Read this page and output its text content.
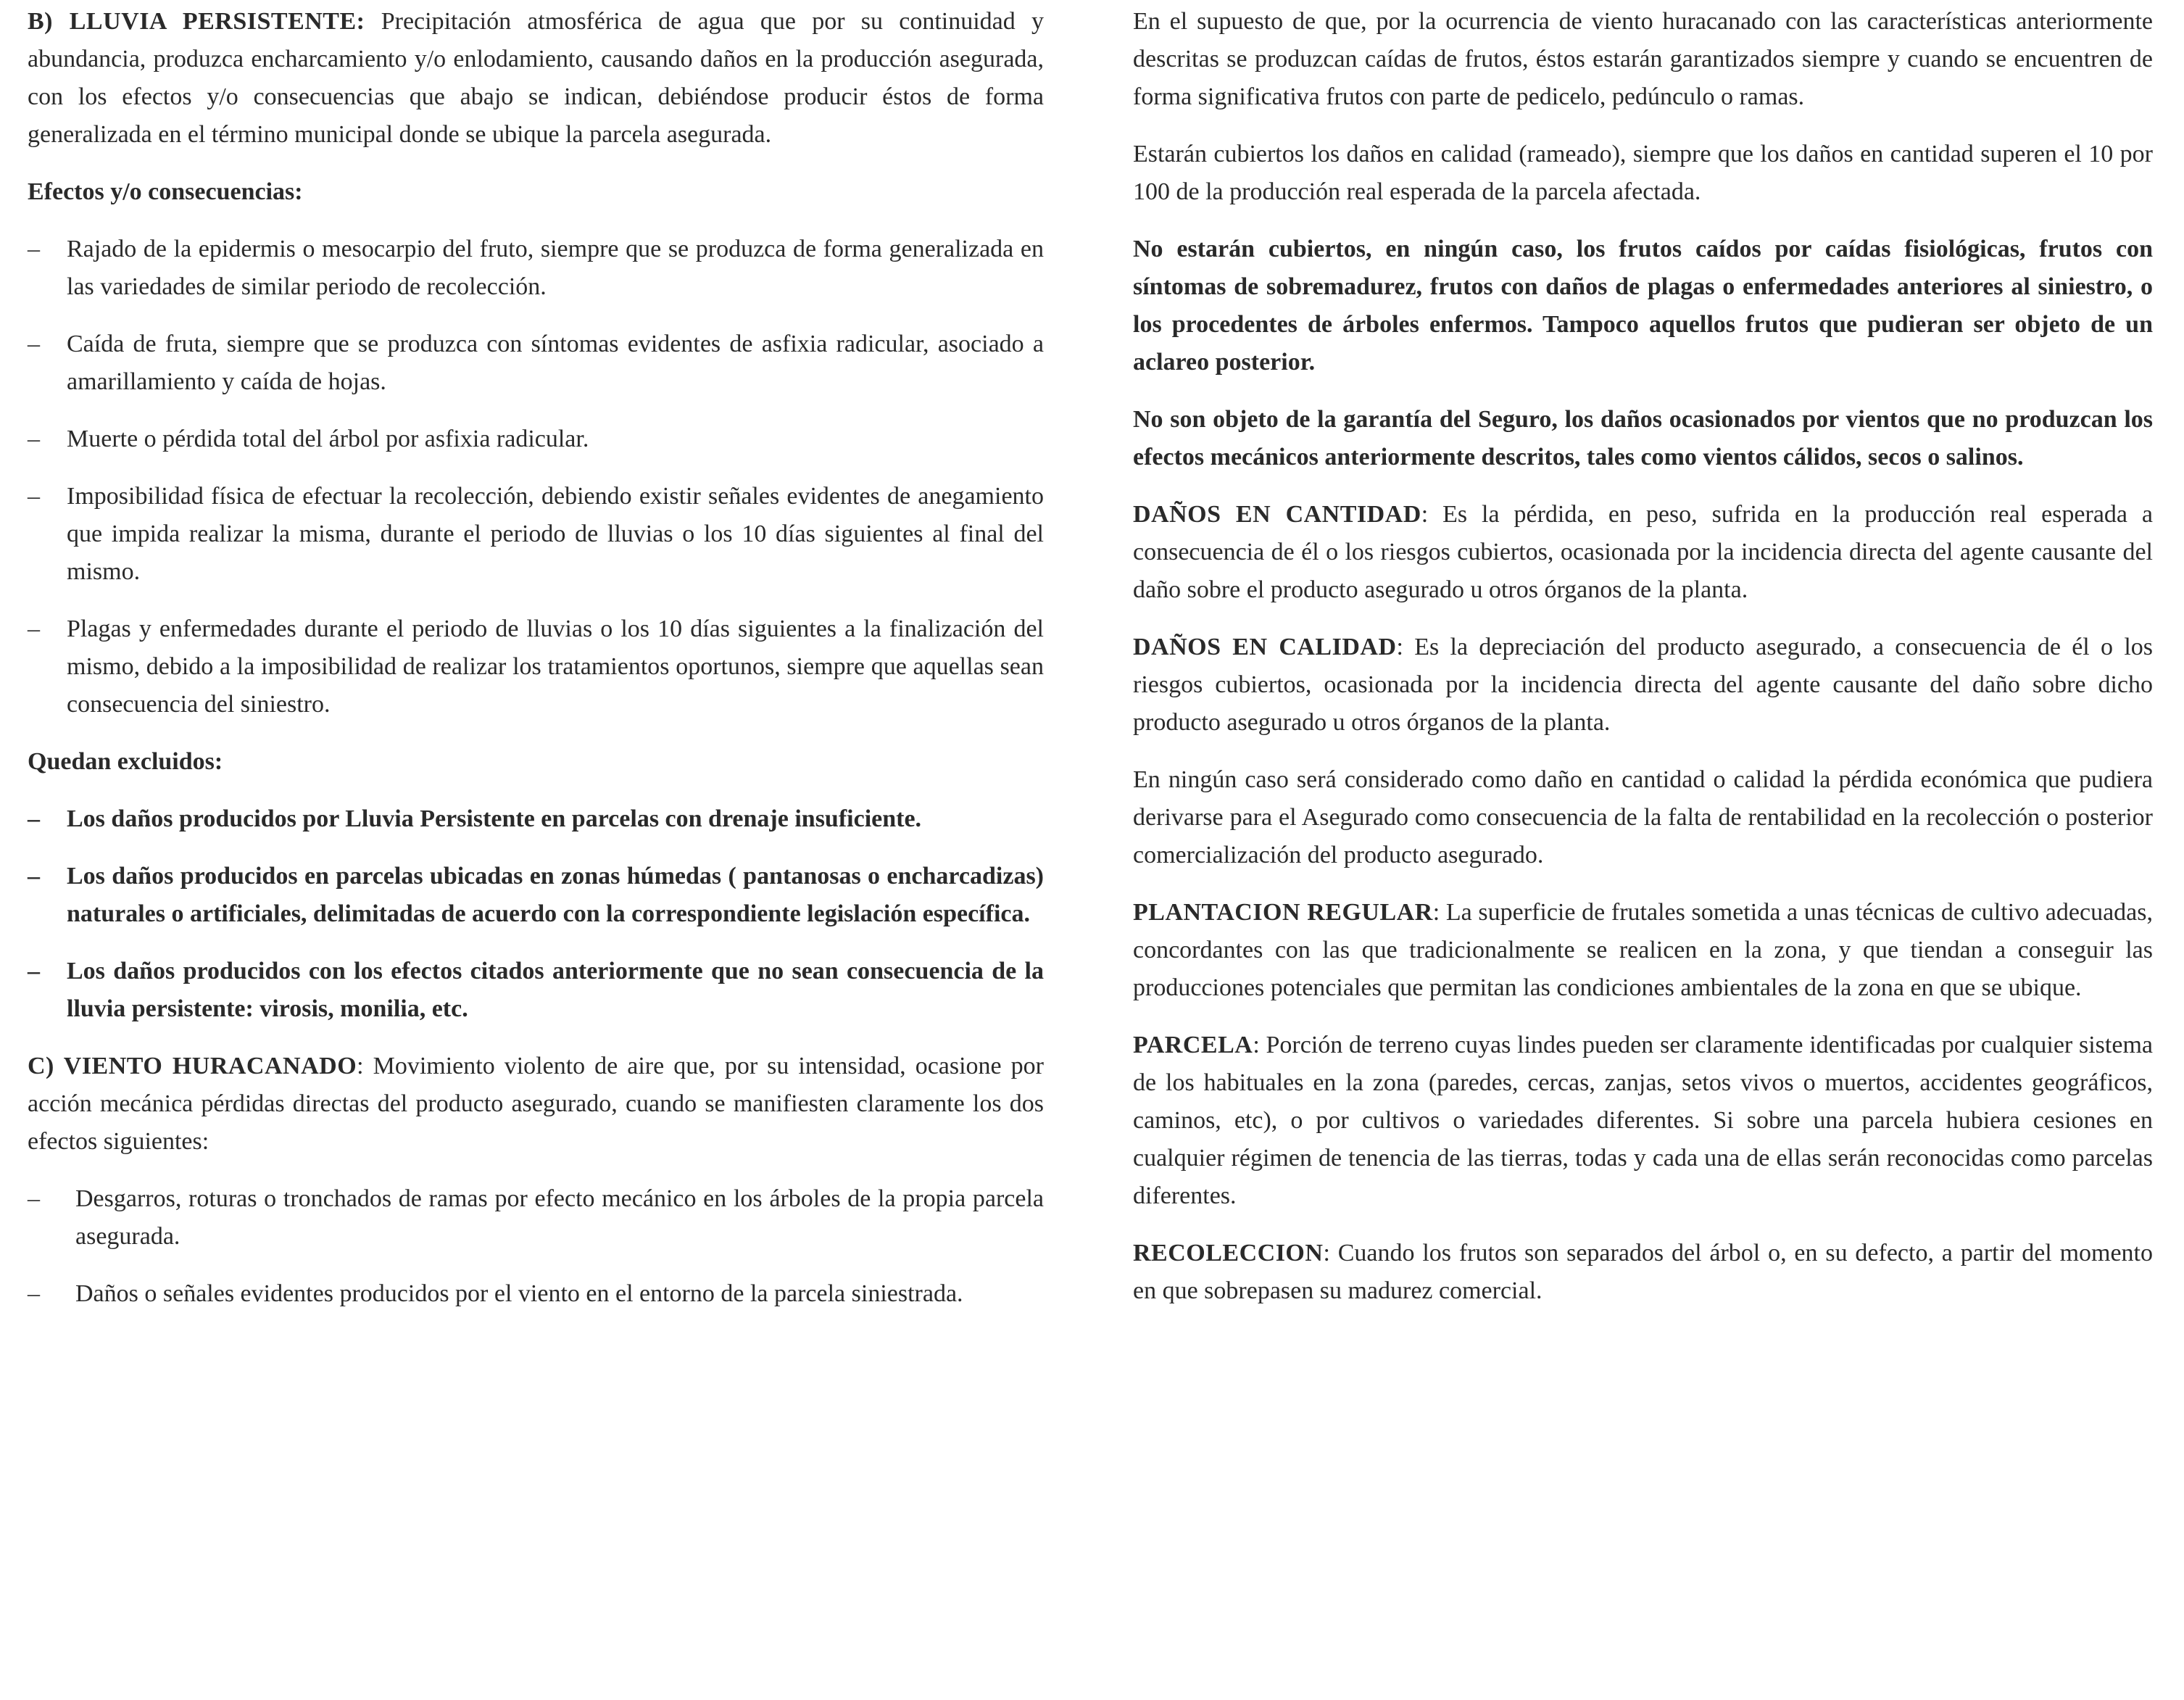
B) LLUVIA PERSISTENTE: Precipitación atmosférica de agua que por su continuidad y abundancia, produzca encharcamiento y/o enlodamiento, causando daños en la producción asegurada, con los efectos y/o consecuencias que abajo se indican, debiéndose producir éstos de forma generalizada en el término municipal donde se ubique la parcela asegurada.

Efectos y/o consecuencias:

– Rajado de la epidermis o mesocarpio del fruto, siempre que se produzca de forma generalizada en las variedades de similar periodo de recolección.

– Caída de fruta, siempre que se produzca con síntomas evidentes de asfixia radicular, asociado a amarillamiento y caída de hojas.

– Muerte o pérdida total del árbol por asfixia radicular.

– Imposibilidad física de efectuar la recolección, debiendo existir señales evidentes de anegamiento que impida realizar la misma, durante el periodo de lluvias o los 10 días siguientes al final del mismo.

– Plagas y enfermedades durante el periodo de lluvias o los 10 días siguientes a la finalización del mismo, debido a la imposibilidad de realizar los tratamientos oportunos, siempre que aquellas sean consecuencia del siniestro.

Quedan excluidos:

– Los daños producidos por Lluvia Persistente en parcelas con drenaje insuficiente.

– Los daños producidos en parcelas ubicadas en zonas húmedas ( pantanosas o encharcadizas) naturales o artificiales, delimitadas de acuerdo con la correspondiente legislación específica.

– Los daños producidos con los efectos citados anteriormente que no sean consecuencia de la lluvia persistente: virosis, monilia, etc.

C) VIENTO HURACANADO: Movimiento violento de aire que, por su intensidad, ocasione por acción mecánica pérdidas directas del producto asegurado, cuando se manifiesten claramente los dos efectos siguientes:

– Desgarros, roturas o tronchados de ramas por efecto mecánico en los árboles de la propia parcela asegurada.

– Daños o señales evidentes producidos por el viento en el entorno de la parcela siniestrada.

En el supuesto de que, por la ocurrencia de viento huracanado con las características anteriormente descritas se produzcan caídas de frutos, éstos estarán garantizados siempre y cuando se encuentren de forma significativa frutos con parte de pedicelo, pedúnculo o ramas.

Estarán cubiertos los daños en calidad (rameado), siempre que los daños en cantidad superen el 10 por 100 de la producción real esperada de la parcela afectada.

No estarán cubiertos, en ningún caso, los frutos caídos por caídas fisiológicas, frutos con síntomas de sobremadurez, frutos con daños de plagas o enfermedades anteriores al siniestro, o los procedentes de árboles enfermos. Tampoco aquellos frutos que pudieran ser objeto de un aclareo posterior.

No son objeto de la garantía del Seguro, los daños ocasionados por vientos que no produzcan los efectos mecánicos anteriormente descritos, tales como vientos cálidos, secos o salinos.

DAÑOS EN CANTIDAD: Es la pérdida, en peso, sufrida en la producción real esperada a consecuencia de él o los riesgos cubiertos, ocasionada por la incidencia directa del agente causante del daño sobre el producto asegurado u otros órganos de la planta.

DAÑOS EN CALIDAD: Es la depreciación del producto asegurado, a consecuencia de él o los riesgos cubiertos, ocasionada por la incidencia directa del agente causante del daño sobre dicho producto asegurado u otros órganos de la planta.

En ningún caso será considerado como daño en cantidad o calidad la pérdida económica que pudiera derivarse para el Asegurado como consecuencia de la falta de rentabilidad en la recolección o posterior comercialización del producto asegurado.

PLANTACION REGULAR: La superficie de frutales sometida a unas técnicas de cultivo adecuadas, concordantes con las que tradicionalmente se realicen en la zona, y que tiendan a conseguir las producciones potenciales que permitan las condiciones ambientales de la zona en que se ubique.

PARCELA: Porción de terreno cuyas lindes pueden ser claramente identificadas por cualquier sistema de los habituales en la zona (paredes, cercas, zanjas, setos vivos o muertos, accidentes geográficos, caminos, etc), o por cultivos o variedades diferentes. Si sobre una parcela hubiera cesiones en cualquier régimen de tenencia de las tierras, todas y cada una de ellas serán reconocidas como parcelas diferentes.

RECOLECCION: Cuando los frutos son separados del árbol o, en su defecto, a partir del momento en que sobrepasen su madurez comercial.
